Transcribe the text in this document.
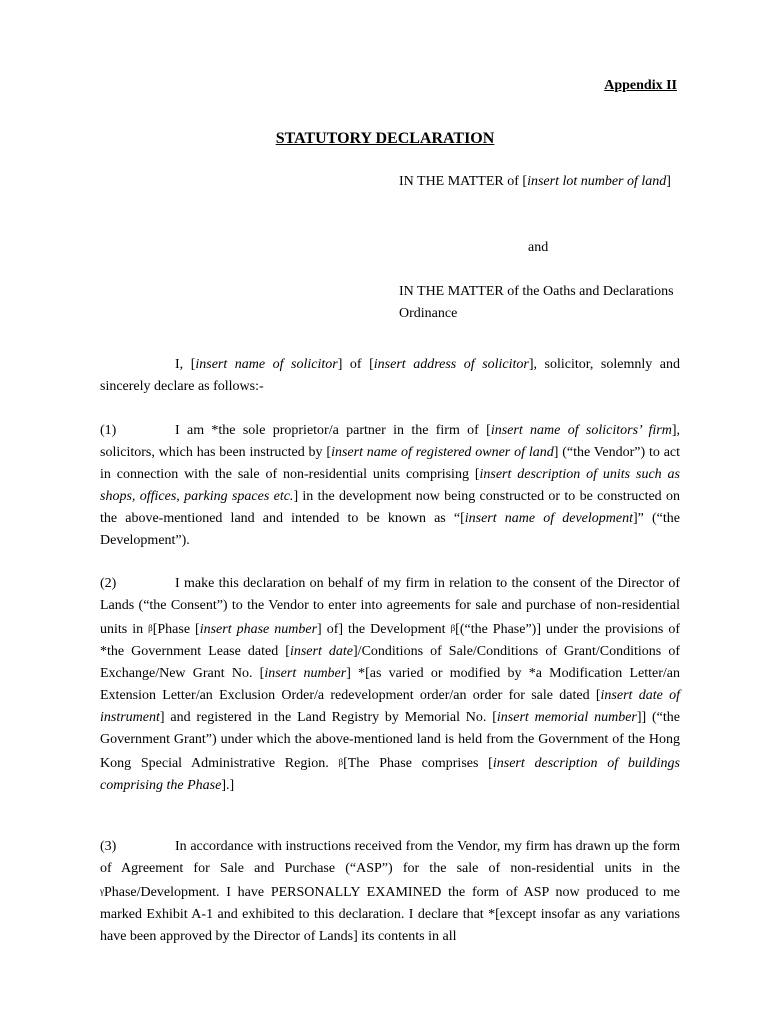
Appendix II
STATUTORY DECLARATION
IN THE MATTER of [insert lot number of land]
and
IN THE MATTER of the Oaths and Declarations Ordinance
I, [insert name of solicitor] of [insert address of solicitor], solicitor, solemnly and sincerely declare as follows:-
(1)	I am *the sole proprietor/a partner in the firm of [insert name of solicitors’ firm], solicitors, which has been instructed by [insert name of registered owner of land] (“the Vendor”) to act in connection with the sale of non-residential units comprising [insert description of units such as shops, offices, parking spaces etc.] in the development now being constructed or to be constructed on the above-mentioned land and intended to be known as “[insert name of development]” (“the Development”).
(2)	I make this declaration on behalf of my firm in relation to the consent of the Director of Lands (“the Consent”) to the Vendor to enter into agreements for sale and purchase of non-residential units in β[Phase [insert phase number] of] the Development β[(“the Phase”)] under the provisions of *the Government Lease dated [insert date]/Conditions of Sale/Conditions of Grant/Conditions of Exchange/New Grant No. [insert number] *[as varied or modified by *a Modification Letter/an Extension Letter/an Exclusion Order/a redevelopment order/an order for sale dated [insert date of instrument] and registered in the Land Registry by Memorial No. [insert memorial number]] (“the Government Grant”) under which the above-mentioned land is held from the Government of the Hong Kong Special Administrative Region. β[The Phase comprises [insert description of buildings comprising the Phase].]
(3)	In accordance with instructions received from the Vendor, my firm has drawn up the form of Agreement for Sale and Purchase (“ASP”) for the sale of non-residential units in the γPhase/Development. I have PERSONALLY EXAMINED the form of ASP now produced to me marked Exhibit A-1 and exhibited to this declaration. I declare that *[except insofar as any variations have been approved by the Director of Lands] its contents in all
